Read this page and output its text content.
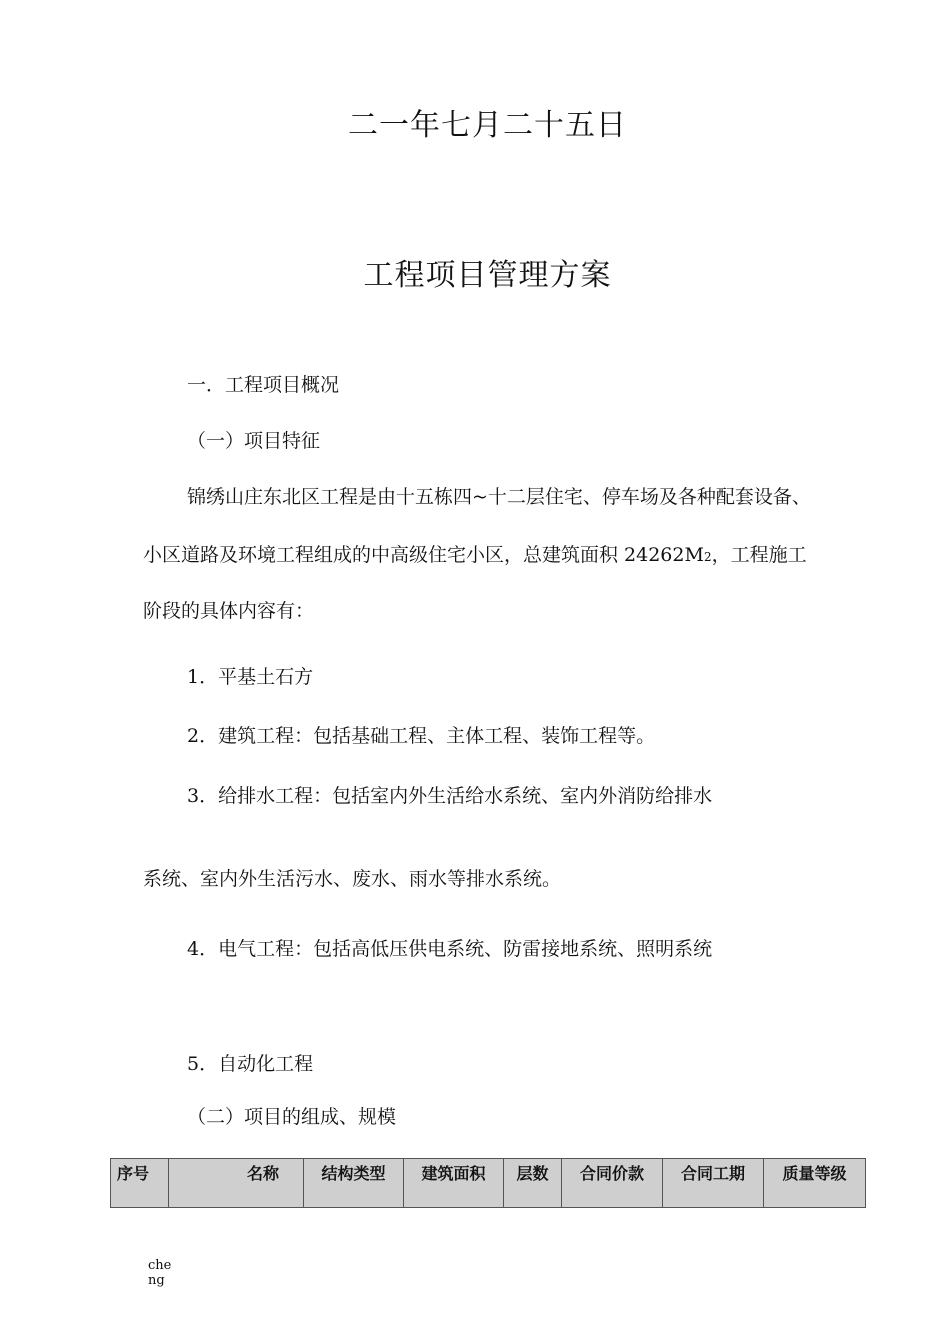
二一年七月二十五日
工程项目管理方案
一．工程项目概况
（一）项目特征
锦绣山庄东北区工程是由十五栋四~十二层住宅、停车场及各种配套设备、
小区道路及环境工程组成的中高级住宅小区，总建筑面积 24262M2，工程施工
阶段的具体内容有：
1．平基土石方
2．建筑工程：包括基础工程、主体工程、装饰工程等。
3．给排水工程：包括室内外生活给水系统、室内外消防给排水
系统、室内外生活污水、废水、雨水等排水系统。
4．电气工程：包括高低压供电系统、防雷接地系统、照明系统
5．自动化工程
（二）项目的组成、规模
序号	名称	结构类型	建筑面积	层数	合同价款	合同工期	质量等级
cheng
